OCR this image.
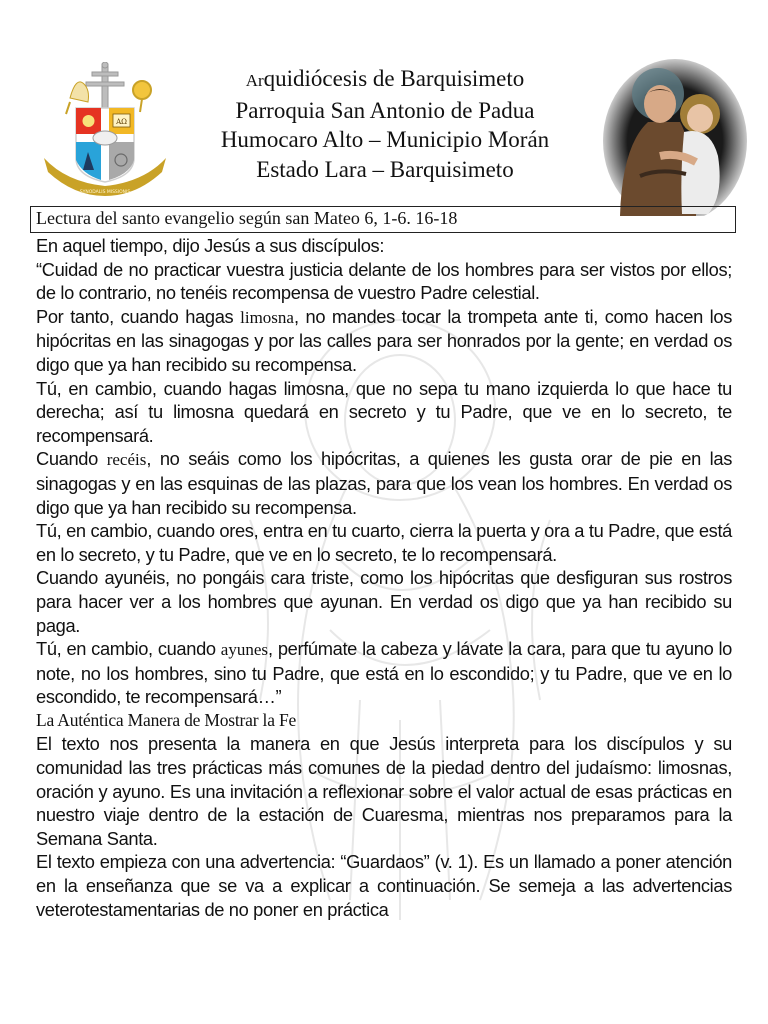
AΩ
SYNODALIS MISSIONIS
Arquidiócesis de Barquisimeto
Parroquia San Antonio de Padua
Humocaro Alto – Municipio Morán
Estado Lara – Barquisimeto
Lectura del santo evangelio según san Mateo 6, 1-6. 16-18

En aquel tiempo, dijo Jesús a sus discípulos:

“Cuidad de no practicar vuestra justicia delante de los hombres para ser vistos por ellos; de lo contrario, no tenéis recompensa de vuestro Padre celestial.

Por tanto, cuando hagas limosna, no mandes tocar la trompeta ante ti, como hacen los hipócritas en las sinagogas y por las calles para ser honrados por la gente; en verdad os digo que ya han recibido su recompensa.

Tú, en cambio, cuando hagas limosna, que no sepa tu mano izquierda lo que hace tu derecha; así tu limosna quedará en secreto y tu Padre, que ve en lo secreto, te recompensará.

Cuando recéis, no seáis como los hipócritas, a quienes les gusta orar de pie en las sinagogas y en las esquinas de las plazas, para que los vean los hombres. En verdad os digo que ya han recibido su recompensa.

Tú, en cambio, cuando ores, entra en tu cuarto, cierra la puerta y ora a tu Padre, que está en lo secreto, y tu Padre, que ve en lo secreto, te lo recompensará.

Cuando ayunéis, no pongáis cara triste, como los hipócritas que desfiguran sus rostros para hacer ver a los hombres que ayunan. En verdad os digo que ya han recibido su paga.

Tú, en cambio, cuando ayunes, perfúmate la cabeza y lávate la cara, para que tu ayuno lo note, no los hombres, sino tu Padre, que está en lo escondido; y tu Padre, que ve en lo escondido, te recompensará…”

La Auténtica Manera de Mostrar la Fe

El texto nos presenta la manera en que Jesús interpreta para los discípulos y su comunidad las tres prácticas más comunes de la piedad dentro del judaísmo: limosnas, oración y ayuno. Es una invitación a reflexionar sobre el valor actual de esas prácticas en nuestro viaje dentro de la estación de Cuaresma, mientras nos preparamos para la Semana Santa.

El texto empieza con una advertencia: “Guardaos” (v. 1). Es un llamado a poner atención en la enseñanza que se va a explicar a continuación. Se semeja a las advertencias veterotestamentarias de no poner en práctica
